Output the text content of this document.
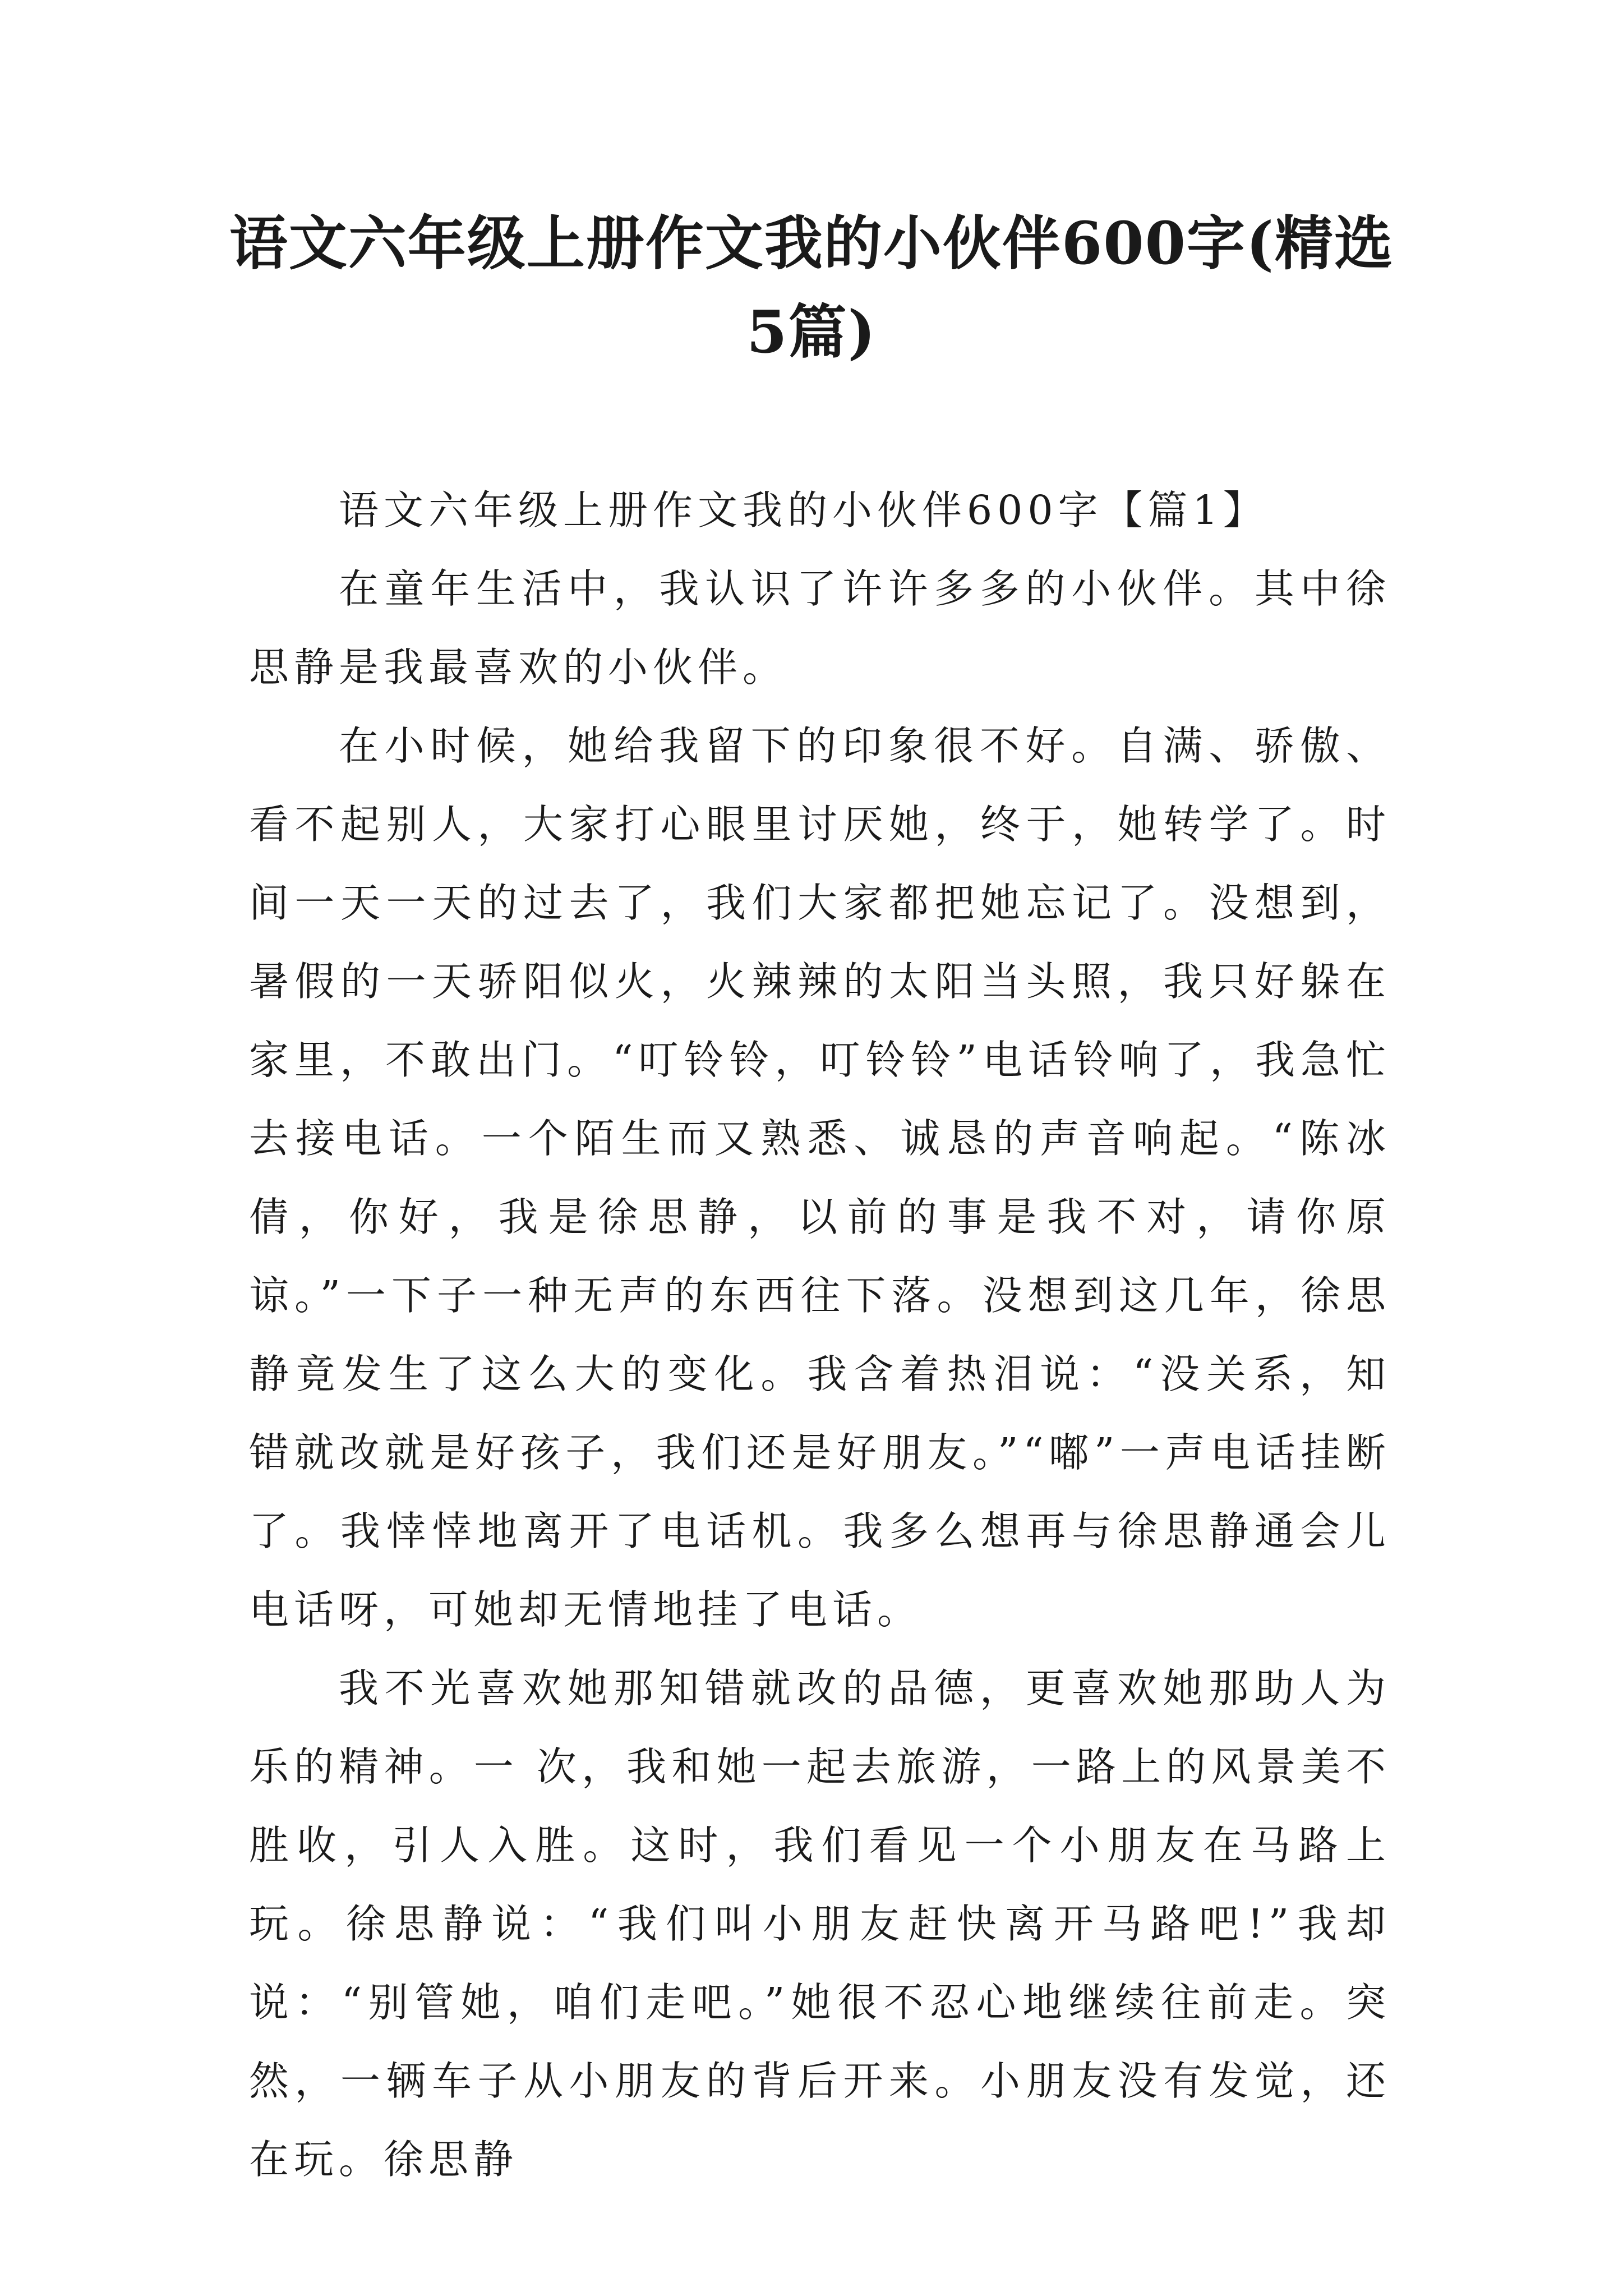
语文六年级上册作文我的小伙伴600字(精选5篇)

语文六年级上册作文我的小伙伴600字【篇1】

在童年生活中，我认识了许许多多的小伙伴。其中徐思静是我最喜欢的小伙伴。

在小时候，她给我留下的印象很不好。自满、骄傲、看不起别人，大家打心眼里讨厌她，终于，她转学了。时间一天一天的过去了，我们大家都把她忘记了。没想到，暑假的一天骄阳似火，火辣辣的太阳当头照，我只好躲在家里，不敢出门。“叮铃铃，叮铃铃”电话铃响了，我急忙去接电话。一个陌生而又熟悉、诚恳的声音响起。“陈冰倩，你好，我是徐思静，以前的事是我不对，请你原谅。”一下子一种无声的东西往下落。没想到这几年，徐思静竟发生了这么大的变化。我含着热泪说：“没关系，知错就改就是好孩子，我们还是好朋友。”“嘟”一声电话挂断了。我悻悻地离开了电话机。我多么想再与徐思静通会儿电话呀，可她却无情地挂了电话。

我不光喜欢她那知错就改的品德，更喜欢她那助人为乐的精神。一 次，我和她一起去旅游，一路上的风景美不胜收，引人入胜。这时，我们看见一个小朋友在马路上玩。徐思静说：“我们叫小朋友赶快离开马路吧!”我却说：“别管她，咱们走吧。”她很不忍心地继续往前走。突然，一辆车子从小朋友的背后开来。小朋友没有发觉，还在玩。徐思静
